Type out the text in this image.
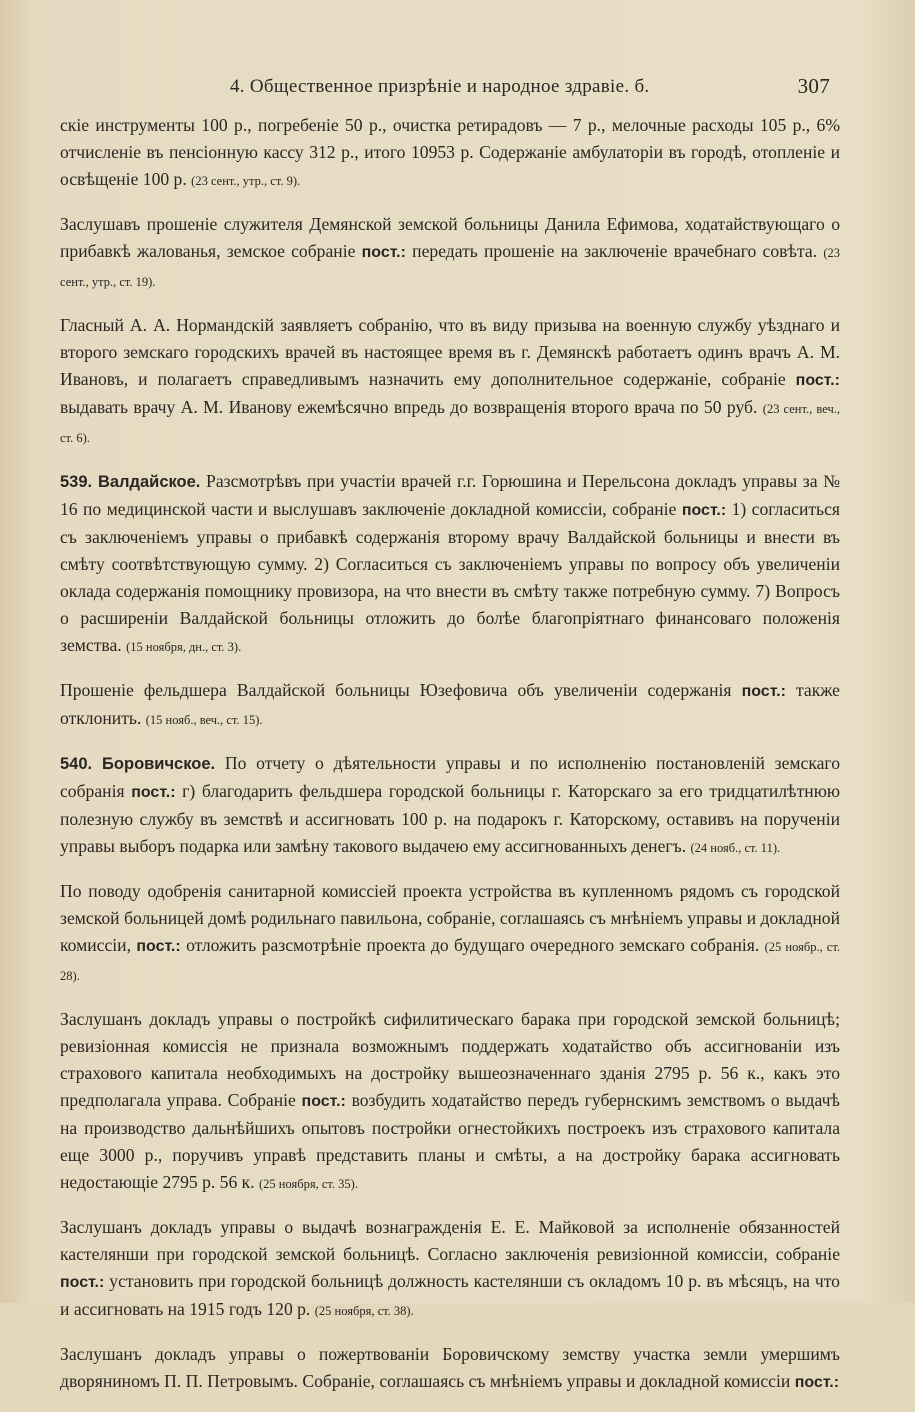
4. Общественное призрѣніе и народное здравіе. б.	307

скіе инструменты 100 р., погребеніе 50 р., очистка ретирадовъ — 7 р., мелочные расходы 105 р., 6% отчисленіе въ пенсіонную кассу 312 р., итого 10953 р. Содержаніе амбулаторіи въ городѣ, отопленіе и освѣщеніе 100 р. (23 сент., утр., ст. 9).

Заслушавъ прошеніе служителя Демянской земской больницы Данила Ефимова, ходатайствующаго о прибавкѣ жалованья, земское собраніе пост.: передать прошеніе на заключеніе врачебнаго совѣта. (23 сент., утр., ст. 19).

Гласный А. А. Нормандскій заявляетъ собранію, что въ виду призыва на военную службу уѣзднаго и второго земскаго городскихъ врачей въ настоящее время въ г. Демянскѣ работаетъ одинъ врачъ А. М. Ивановъ, и полагаетъ справедливымъ назначить ему дополнительное содержаніе, собраніе пост.: выдавать врачу А. М. Иванову ежемѣсячно впредь до возвращенія второго врача по 50 руб. (23 сент., веч., ст. 6).

539. Валдайское. Разсмотрѣвъ при участіи врачей г.г. Горюшина и Перельсона докладъ управы за № 16 по медицинской части и выслушавъ заключеніе докладной комиссіи, собраніе пост.: 1) согласиться съ заключеніемъ управы о прибавкѣ содержанія второму врачу Валдайской больницы и внести въ смѣту соотвѣтствующую сумму. 2) Согласиться съ заключеніемъ управы по вопросу объ увеличеніи оклада содержанія помощнику провизора, на что внести въ смѣту также потребную сумму. 7) Вопросъ о расширеніи Валдайской больницы отложить до болѣе благопріятнаго финансоваго положенія земства. (15 ноября, дн., ст. 3).

Прошеніе фельдшера Валдайской больницы Юзефовича объ увеличеніи содержанія пост.: также отклонить. (15 нояб., веч., ст. 15).

540. Боровичское. По отчету о дѣятельности управы и по исполненію постановленій земскаго собранія пост.: г) благодарить фельдшера городской больницы г. Каторскаго за его тридцатилѣтнюю полезную службу въ земствѣ и ассигновать 100 р. на подарокъ г. Каторскому, оставивъ на порученіи управы выборъ подарка или замѣну такового выдачею ему ассигнованныхъ денегъ. (24 нояб., ст. 11).

По поводу одобренія санитарной комиссіей проекта устройства въ купленномъ рядомъ съ городской земской больницей домѣ родильнаго павильона, собраніе, соглашаясь съ мнѣніемъ управы и докладной комиссіи, пост.: отложить разсмотрѣніе проекта до будущаго очередного земскаго собранія. (25 ноябр., ст. 28).

Заслушанъ докладъ управы о постройкѣ сифилитическаго барака при городской земской больницѣ; ревизіонная комиссія не признала возможнымъ поддержать ходатайство объ ассигнованіи изъ страхового капитала необходимыхъ на достройку вышеозначеннаго зданія 2795 р. 56 к., какъ это предполагала управа. Собраніе пост.: возбудить ходатайство передъ губернскимъ земствомъ о выдачѣ на производство дальнѣйшихъ опытовъ постройки огнестойкихъ построекъ изъ страхового капитала еще 3000 р., поручивъ управѣ представить планы и смѣты, а на достройку барака ассигновать недостающіе 2795 р. 56 к. (25 ноября, ст. 35).

Заслушанъ докладъ управы о выдачѣ вознагражденія Е. Е. Майковой за исполненіе обязанностей кастелянши при городской земской больницѣ. Согласно заключенія ревизіонной комиссіи, собраніе пост.: установить при городской больницѣ должность кастелянши съ окладомъ 10 р. въ мѣсяцъ, на что и ассигновать на 1915 годъ 120 р. (25 ноября, ст. 38).

Заслушанъ докладъ управы о пожертвованіи Боровичскому земству участка земли умершимъ дворяниномъ П. П. Петровымъ. Собраніе, соглашаясь съ мнѣніемъ управы и докладной комиссіи пост.:
